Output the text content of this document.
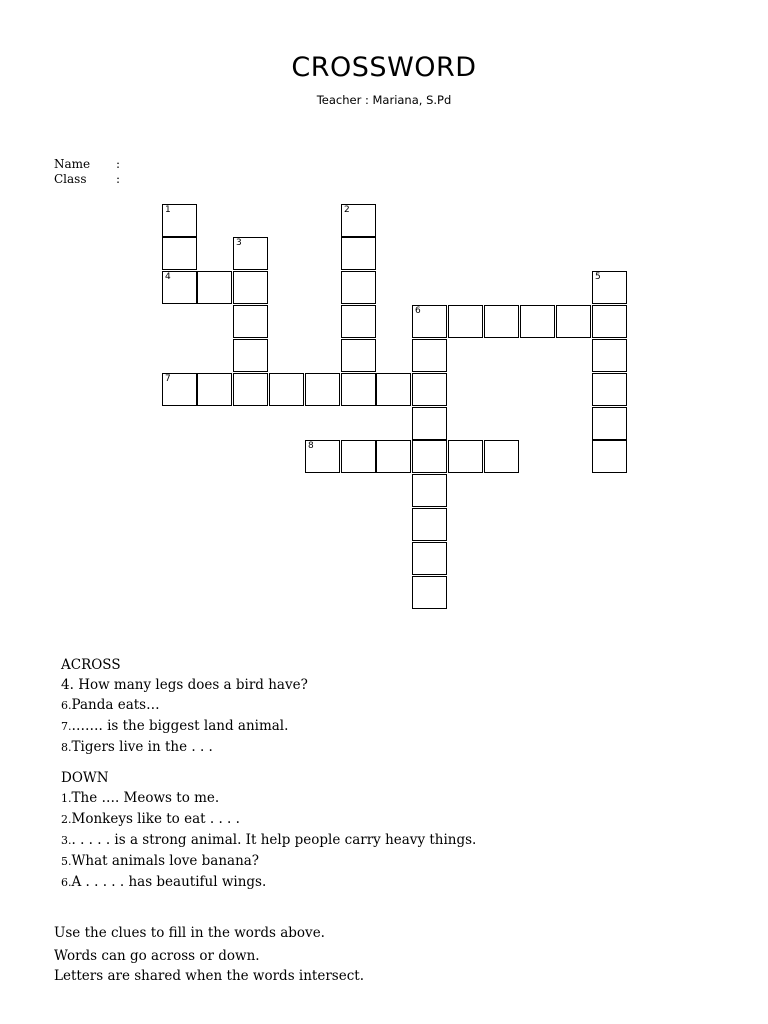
CROSSWORD
Teacher : Mariana, S.Pd
Name :
Class :
1
4
3
2
6
5
7
8
ACROSS
4. How many legs does a bird have?
6.Panda eats…
7.……. is the biggest land animal.
8.Tigers live in the . . .
DOWN
1.The …. Meows to me.
2.Monkeys like to eat . . . .
3.. . . . . is a strong animal. It help people carry heavy things.
5.What animals love banana?
6.A . . . . . has beautiful wings.
Use the clues to fill in the words above.
Words can go across or down.
Letters are shared when the words intersect.
